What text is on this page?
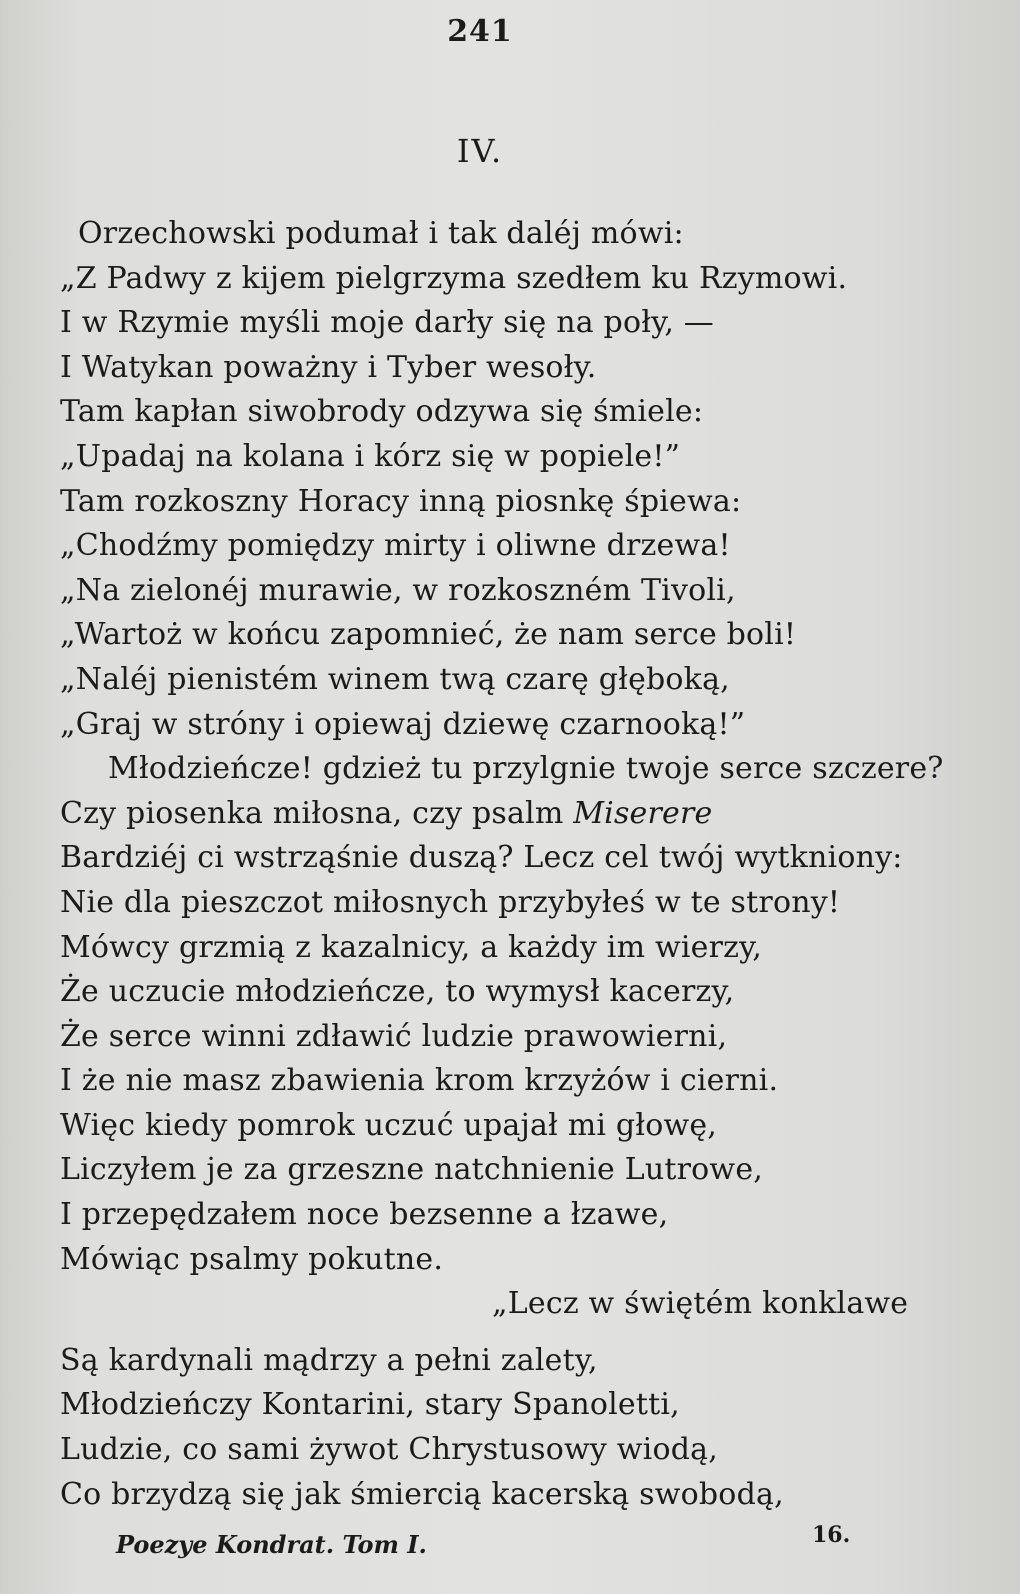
241
IV.
Orzechowski podumał i tak daléj mówi:
„Z Padwy z kijem pielgrzyma szedłem ku Rzymowi.
I w Rzymie myśli moje darły się na poły, —
I Watykan poważny i Tyber wesoły.
Tam kapłan siwobrody odzywa się śmiele:
„Upadaj na kolana i kórz się w popiele!”
Tam rozkoszny Horacy inną piosnkę śpiewa:
„Chodźmy pomiędzy mirty i oliwne drzewa!
„Na zielonéj murawie, w rozkoszném Tivoli,
„Wartoż w końcu zapomnieć, że nam serce boli!
„Naléj pienistém winem twą czarę głęboką,
„Graj w stróny i opiewaj dziewę czarnooką!”
Młodzieńcze! gdzież tu przylgnie twoje serce szczere?
Czy piosenka miłosna, czy psalm Miserere
Bardziéj ci wstrząśnie duszą? Lecz cel twój wytkniony:
Nie dla pieszczot miłosnych przybyłeś w te strony!
Mówcy grzmią z kazalnicy, a każdy im wierzy,
Że uczucie młodzieńcze, to wymysł kacerzy,
Że serce winni zdławić ludzie prawowierni,
I że nie masz zbawienia krom krzyżów i cierni.
Więc kiedy pomrok uczuć upajał mi głowę,
Liczyłem je za grzeszne natchnienie Lutrowe,
I przepędzałem noce bezsenne a łzawe,
Mówiąc psalmy pokutne.
„Lecz w świętém konklawe
Są kardynali mądrzy a pełni zalety,
Młodzieńczy Kontarini, stary Spanoletti,
Ludzie, co sami żywot Chrystusowy wiodą,
Co brzydzą się jak śmiercią kacerską swobodą,
Poezye Kondrat. Tom I.	16.
